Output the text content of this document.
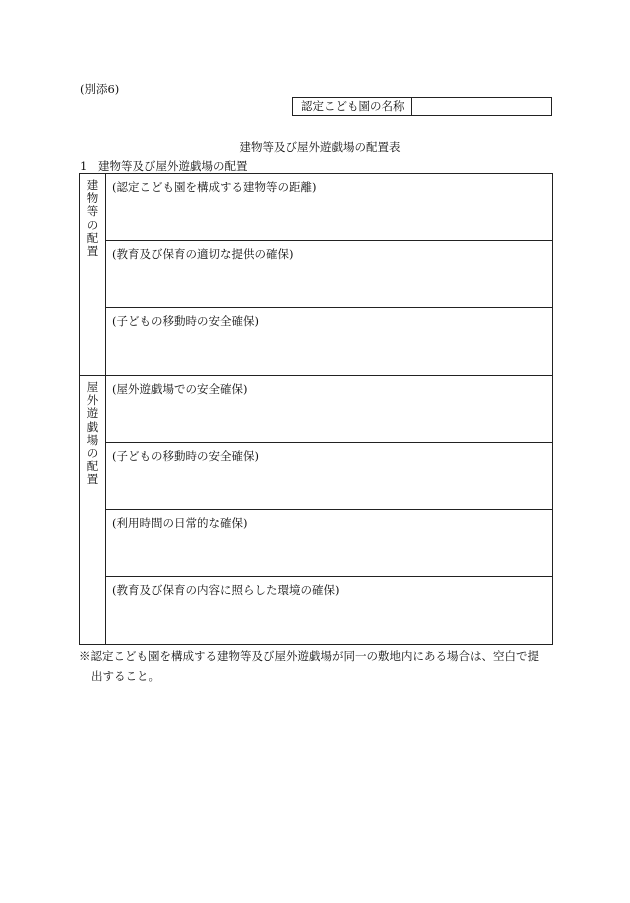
(別添6)
認定こども園の名称
建物等及び屋外遊戯場の配置表
1 建物等及び屋外遊戯場の配置
建
物
等
の
配
置
(認定こども園を構成する建物等の距離)
(教育及び保育の適切な提供の確保)
(子どもの移動時の安全確保)
屋
外
遊
戯
場
の
配
置
(屋外遊戯場での安全確保)
(子どもの移動時の安全確保)
(利用時間の日常的な確保)
(教育及び保育の内容に照らした環境の確保)
※認定こども園を構成する建物等及び屋外遊戯場が同一の敷地内にある場合は、空白で提
出すること。
